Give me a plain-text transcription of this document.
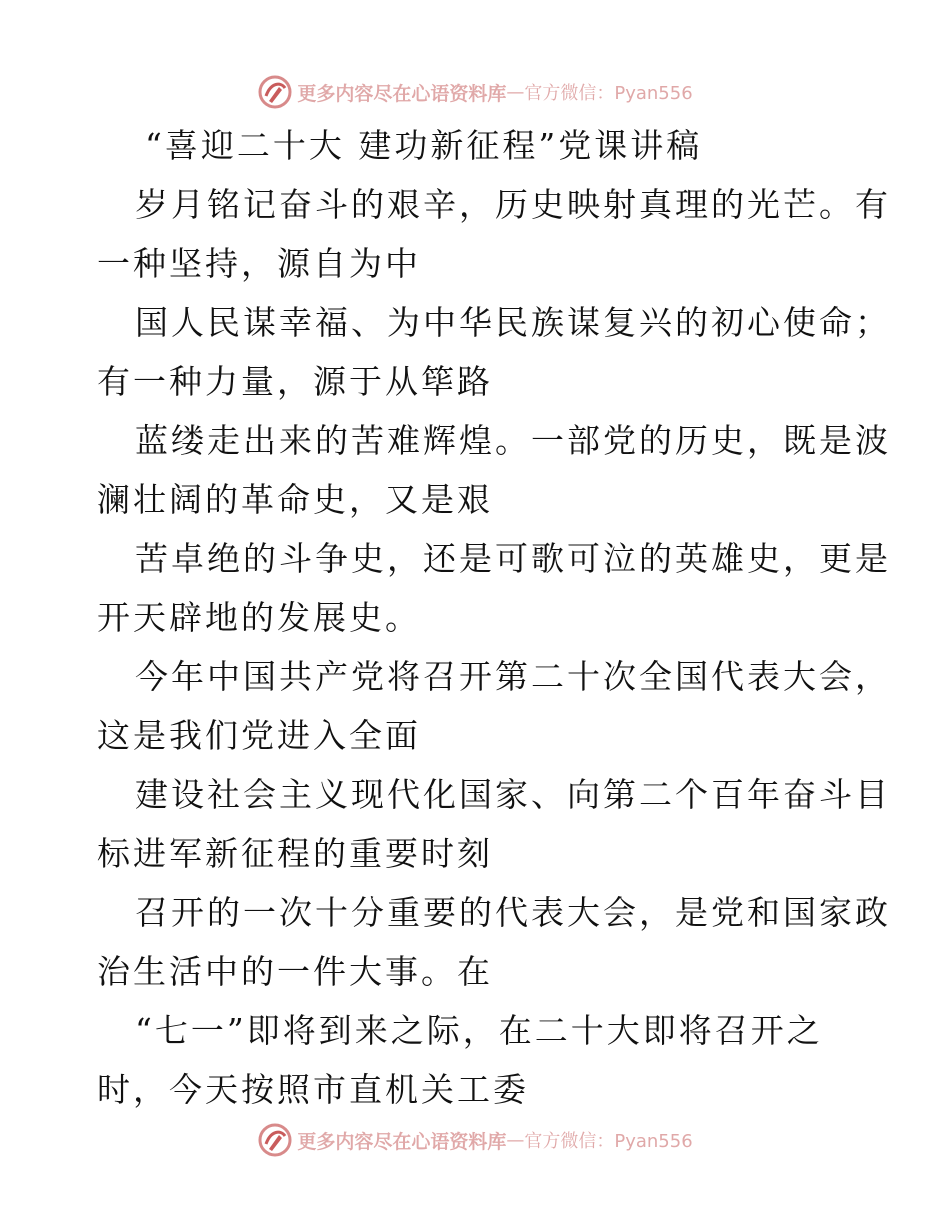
更多内容尽在心语资料库 — 官方微信：Pyan556
“喜迎二十大 建功新征程”党课讲稿
岁月铭记奋斗的艰辛，历史映射真理的光芒。有
一种坚持，源自为中
国人民谋幸福、为中华民族谋复兴的初心使命；
有一种力量，源于从筚路
蓝缕走出来的苦难辉煌。一部党的历史，既是波
澜壮阔的革命史，又是艰
苦卓绝的斗争史，还是可歌可泣的英雄史，更是
开天辟地的发展史。
今年中国共产党将召开第二十次全国代表大会，
这是我们党进入全面
建设社会主义现代化国家、向第二个百年奋斗目
标进军新征程的重要时刻
召开的一次十分重要的代表大会，是党和国家政
治生活中的一件大事。在
“七一”即将到来之际，在二十大即将召开之
时，今天按照市直机关工委
更多内容尽在心语资料库 — 官方微信：Pyan556
